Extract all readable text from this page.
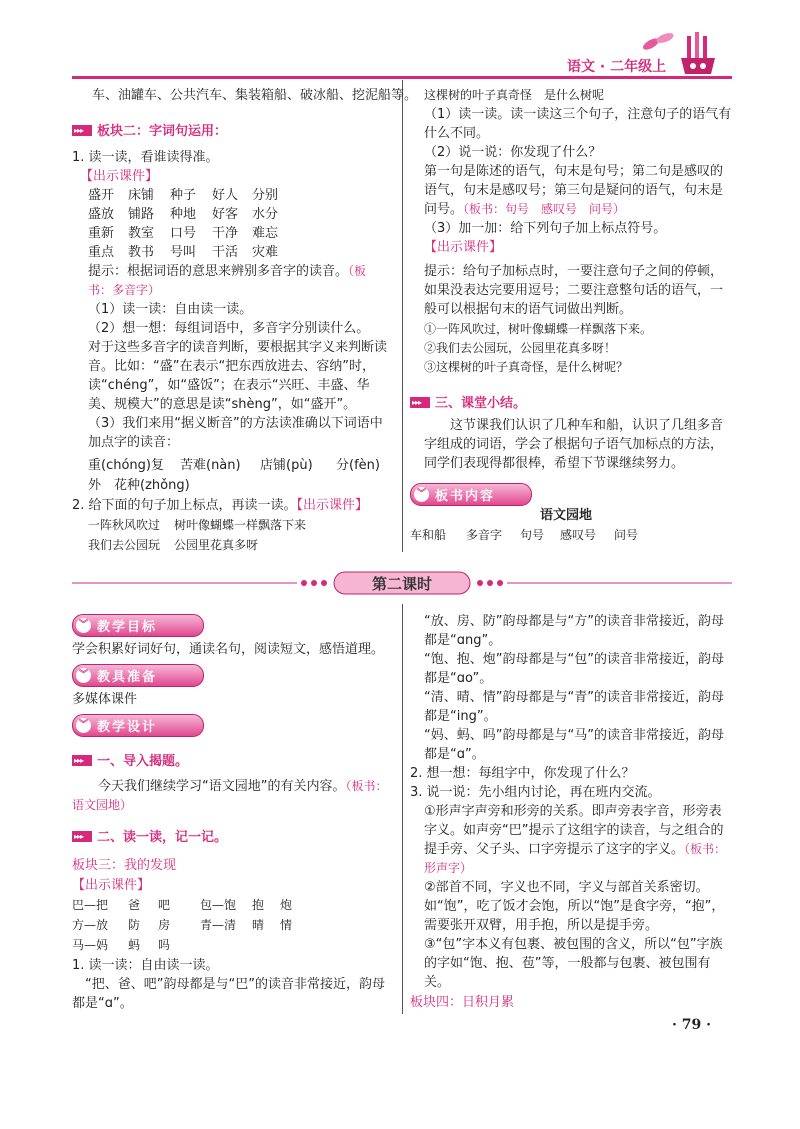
语文 · 二年级上
车、油罐车、公共汽车、集装箱船、破冰船、挖泥船等。
▸▸▸板块二：字词句运用：
1. 读一读，看谁读得准。
【出示课件】
盛开 床铺 种子 好人 分别
盛放 铺路 种地 好客 水分
重新 教室 口号 干净 难忘
重点 教书 号叫 干活 灾难
提示：根据词语的意思来辨别多音字的读音。（板书：多音字）
（1）读一读：自由读一读。
（2）想一想：每组词语中，多音字分别读什么。
对于这些多音字的读音判断，要根据其字义来判断读音。比如：“盛”在表示“把东西放进去、容纳”时，读“chéng”，如“盛饭”；在表示“兴旺、丰盛、华美、规模大”的意思是读“shèng”，如“盛开”。
（3）我们来用“据义断音”的方法读准确以下词语中加点字的读音：
重(chóng)复 苦难(nàn) 店铺(pù) 分(fèn)
外　花种(zhǒng)
2. 给下面的句子加上标点，再读一读。【出示课件】
一阵秋风吹过 树叶像蝴蝶一样飘落下来
我们去公园玩 公园里花真多呀
这棵树的叶子真奇怪　是什么树呢
（1）读一读。读一读这三个句子，注意句子的语气有什么不同。
（2）说一说：你发现了什么？
第一句是陈述的语气，句末是句号；第二句是感叹的语气，句末是感叹号；第三句是疑问的语气，句末是问号。（板书：句号　感叹号　问号）
（3）加一加：给下列句子加上标点符号。【出示课件】
提示：给句子加标点时，一要注意句子之间的停顿，如果没表达完要用逗号；二要注意整句话的语气，一般可以根据句末的语气词做出判断。
①一阵风吹过，树叶像蝴蝶一样飘落下来。
②我们去公园玩，公园里花真多呀！
③这棵树的叶子真奇怪，是什么树呢？
▸▸▸三、课堂小结。
这节课我们认识了几种车和船，认识了几组多音字组成的词语，学会了根据句子语气加标点的方法，同学们表现得都很棒，希望下节课继续努力。
︾ 板书内容
语文园地
车和船 多音字 句号 感叹号 问号
第二课时
︾ 教学目标
学会积累好词好句，通读名句，阅读短文，感悟道理。
︾ 教具准备
多媒体课件
︾ 教学设计
▸▸▸一、导入揭题。
今天我们继续学习“语文园地”的有关内容。（板书：语文园地）
▸▸▸二、读一读，记一记。
板块三：我的发现
【出示课件】
巴—把 爸 吧 包—饱 抱 炮
方—放 防 房 青—清 晴 情
马—妈 蚂 吗
1. 读一读：自由读一读。
“把、爸、吧”韵母都是与“巴”的读音非常接近，韵母都是“ɑ”。
“放、房、防”韵母都是与“方”的读音非常接近，韵母都是“ɑng”。
“饱、抱、炮”韵母都是与“包”的读音非常接近，韵母都是“ɑo”。
“清、晴、情”韵母都是与“青”的读音非常接近，韵母都是“ing”。
“妈、蚂、吗”韵母都是与“马”的读音非常接近，韵母都是“ɑ”。
2. 想一想：每组字中，你发现了什么？
3. 说一说：先小组内讨论，再在班内交流。
①形声字声旁和形旁的关系。即声旁表字音，形旁表字义。如声旁“巴”提示了这组字的读音，与之组合的提手旁、父子头、口字旁提示了这字的字义。（板书：形声字）
②部首不同，字义也不同，字义与部首关系密切。如“饱”，吃了饭才会饱，所以“饱”是食字旁，“抱”，需要张开双臂，用手抱，所以是提手旁。
③“包”字本义有包裹、被包围的含义，所以“包”字族的字如“饱、抱、苞”等，一般都与包裹、被包围有关。
板块四：日积月累
· 79 ·
